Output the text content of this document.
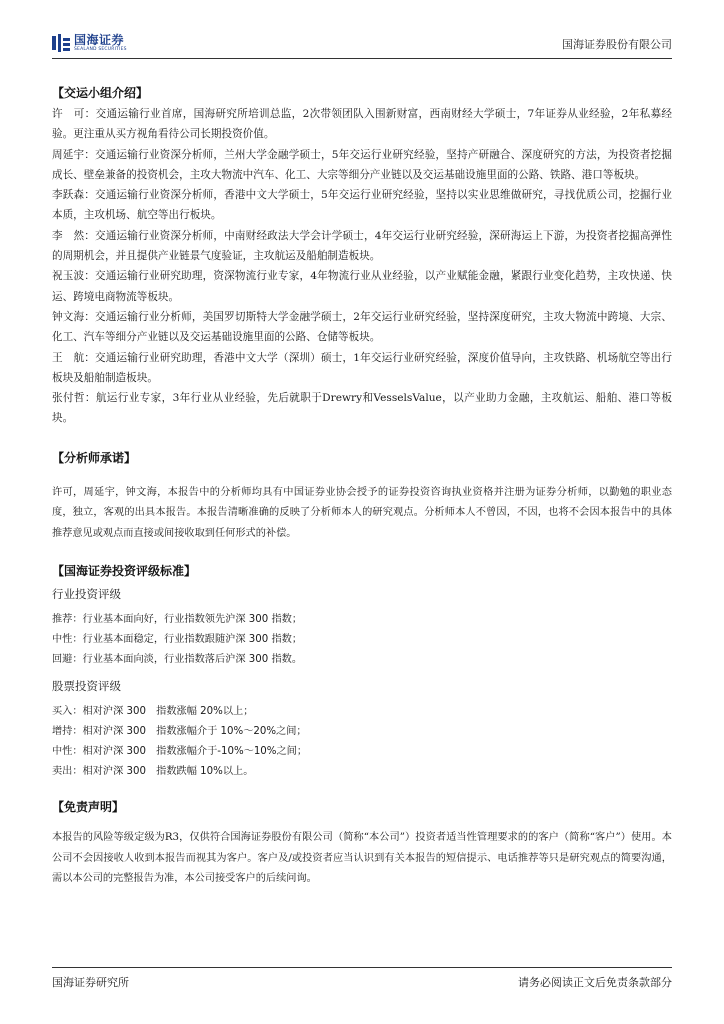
国海证券
SEALAND SECURITIES	国海证券股份有限公司
【交运小组介绍】

许　可：交通运输行业首席，国海研究所培训总监，2次带领团队入围新财富，西南财经大学硕士，7年证券从业经验，2年私募经验。更注重从买方视角看待公司长期投资价值。

周延宇：交通运输行业资深分析师，兰州大学金融学硕士，5年交运行业研究经验，坚持产研融合、深度研究的方法，为投资者挖掘成长、壁垒兼备的投资机会，主攻大物流中汽车、化工、大宗等细分产业链以及交运基础设施里面的公路、铁路、港口等板块。

李跃森：交通运输行业资深分析师，香港中文大学硕士，5年交运行业研究经验，坚持以实业思维做研究，寻找优质公司，挖掘行业本质，主攻机场、航空等出行板块。

李　然：交通运输行业资深分析师，中南财经政法大学会计学硕士，4年交运行业研究经验，深研海运上下游，为投资者挖掘高弹性的周期机会，并且提供产业链景气度验证，主攻航运及船舶制造板块。

祝玉波：交通运输行业研究助理，资深物流行业专家，4年物流行业从业经验，以产业赋能金融，紧跟行业变化趋势，主攻快递、快运、跨境电商物流等板块。

钟文海：交通运输行业分析师，美国罗切斯特大学金融学硕士，2年交运行业研究经验，坚持深度研究，主攻大物流中跨境、大宗、化工、汽车等细分产业链以及交运基础设施里面的公路、仓储等板块。

王　航：交通运输行业研究助理，香港中文大学（深圳）硕士，1年交运行业研究经验，深度价值导向，主攻铁路、机场航空等出行板块及船舶制造板块。

张付哲：航运行业专家，3年行业从业经验，先后就职于Drewry和VesselsValue，以产业助力金融，主攻航运、船舶、港口等板块。

【分析师承诺】

许可，周延宇，钟文海，本报告中的分析师均具有中国证券业协会授予的证券投资咨询执业资格并注册为证券分析师，以勤勉的职业态度，独立，客观的出具本报告。本报告清晰准确的反映了分析师本人的研究观点。分析师本人不曾因，不因，也将不会因本报告中的具体推荐意见或观点而直接或间接收取到任何形式的补偿。

【国海证券投资评级标准】
行业投资评级

推荐：行业基本面向好，行业指数领先沪深 300 指数；

中性：行业基本面稳定，行业指数跟随沪深 300 指数；

回避：行业基本面向淡，行业指数落后沪深 300 指数。

股票投资评级

买入：相对沪深 300　指数涨幅 20%以上；

增持：相对沪深 300　指数涨幅介于 10%～20%之间；

中性：相对沪深 300　指数涨幅介于-10%～10%之间；

卖出：相对沪深 300　指数跌幅 10%以上。

【免责声明】

本报告的风险等级定级为R3，仅供符合国海证券股份有限公司（简称“本公司”）投资者适当性管理要求的的客户（简称“客户”）使用。本公司不会因接收人收到本报告而视其为客户。客户及/或投资者应当认识到有关本报告的短信提示、电话推荐等只是研究观点的简要沟通，需以本公司的完整报告为准，本公司接受客户的后续问询。

国海证券研究所	请务必阅读正文后免责条款部分
